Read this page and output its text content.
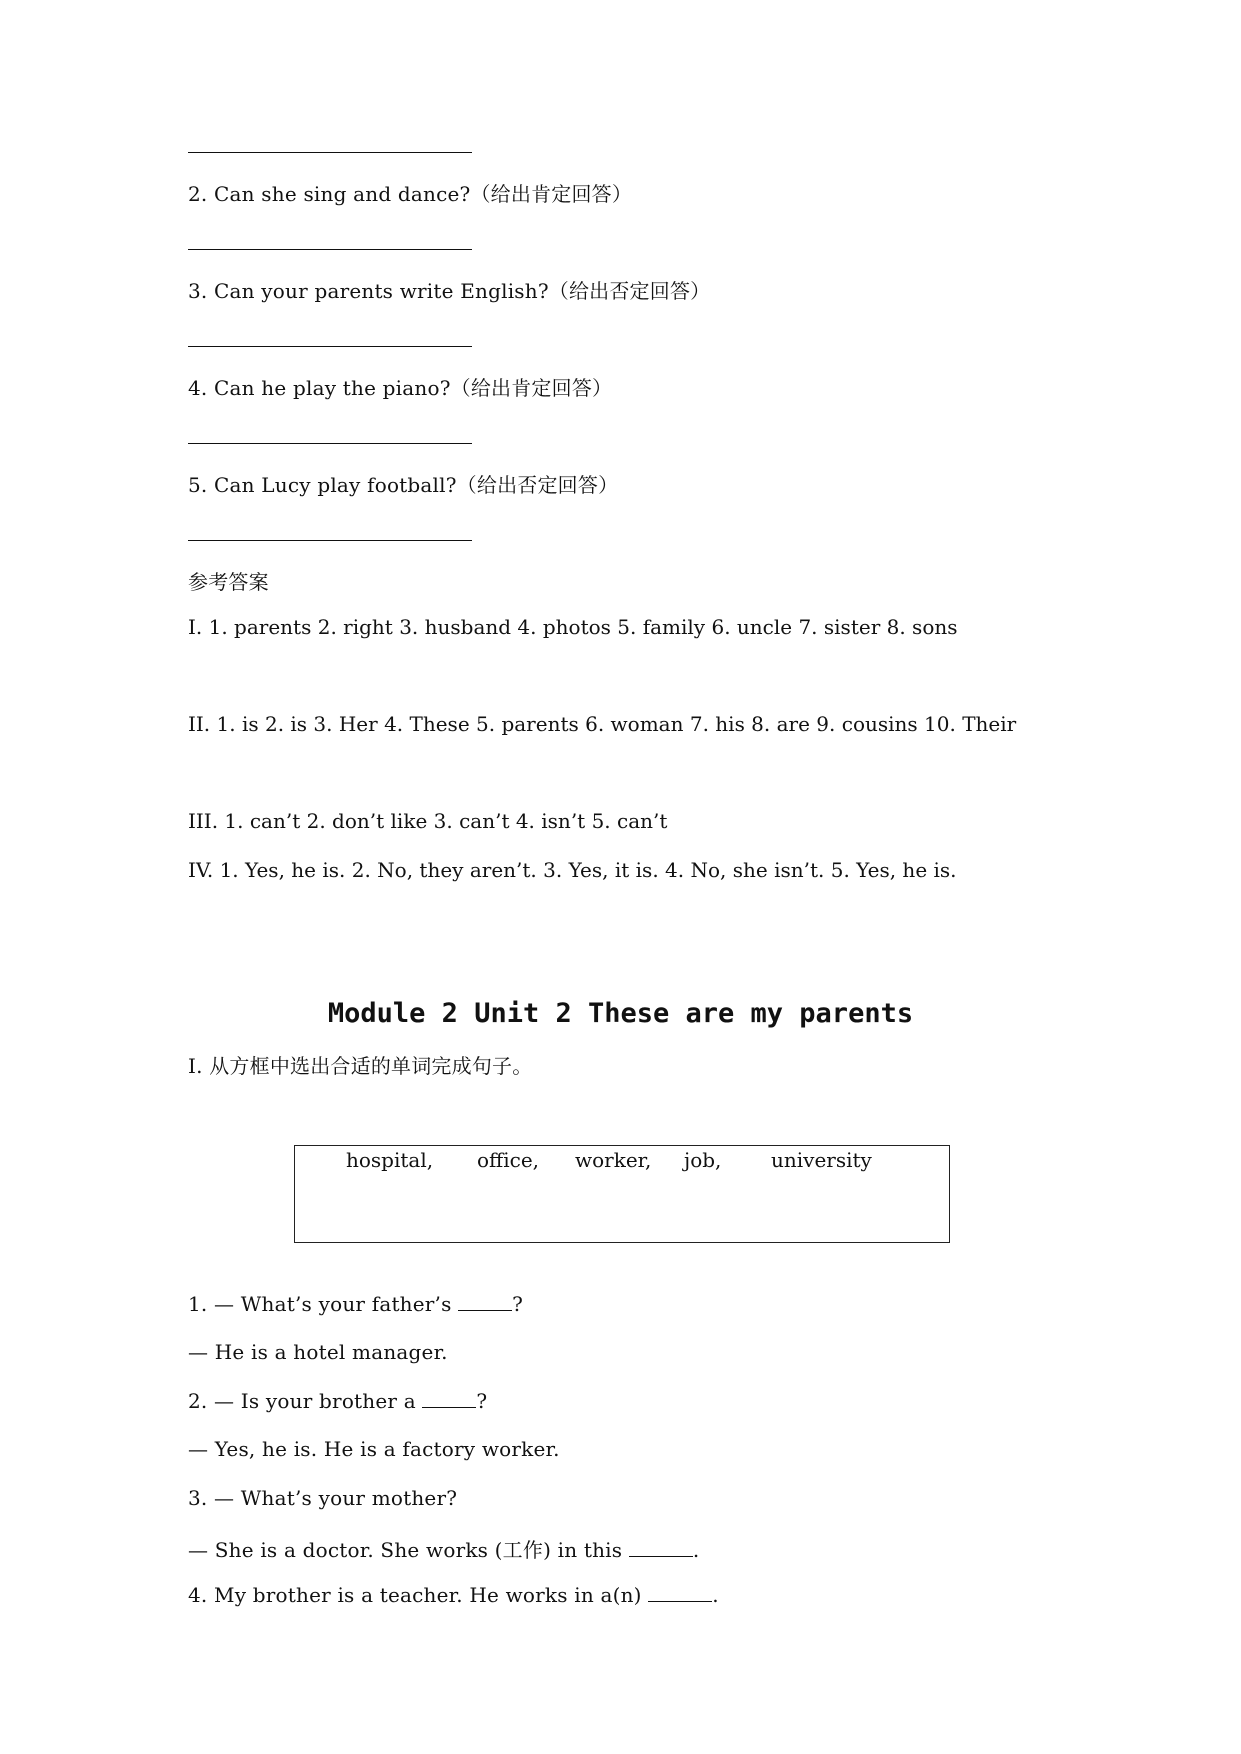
2. Can she sing and dance?（给出肯定回答）
3. Can your parents write English?（给出否定回答）
4. Can he play the piano?（给出肯定回答）
5. Can Lucy play football?（给出否定回答）
参考答案
I. 1. parents 2. right 3. husband 4. photos 5. family 6. uncle 7. sister 8. sons
II. 1. is 2. is 3. Her 4. These 5. parents 6. woman 7. his 8. are 9. cousins 10. Their
III. 1. can’t 2. don’t like 3. can’t 4. isn’t 5. can’t
IV. 1. Yes, he is. 2. No, they aren’t. 3. Yes, it is. 4. No, she isn’t. 5. Yes, he is.
Module 2 Unit 2 These are my parents
I. 从方框中选出合适的单词完成句子。
hospital, office, worker, job, university
1. — What’s your father’s	?
— He is a hotel manager.
2. — Is your brother a	?
— Yes, he is. He is a factory worker.
3. — What’s your mother?
— She is a doctor. She works (工作) in this	.
4. My brother is a teacher. He works in a(n)	.
